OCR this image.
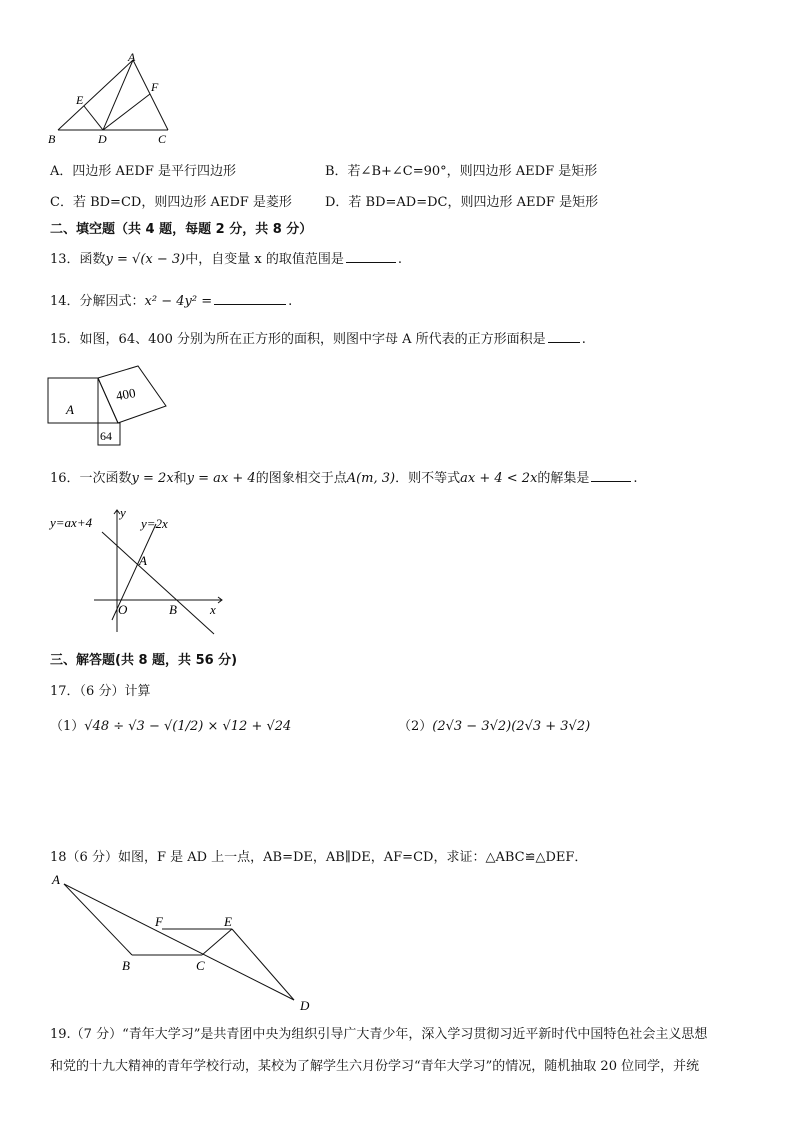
A
B	C
D
E
F
A．四边形 AEDF 是平行四边形	B．若∠B+∠C=90°，则四边形 AEDF 是矩形
C．若 BD=CD，则四边形 AEDF 是菱形	D．若 BD=AD=DC，则四边形 AEDF 是矩形
二、填空题（共 4 题，每题 2 分，共 8 分）
13．函数y = √(x − 3)中，自变量 x 的取值范围是	.
14．分解因式：x² − 4y² =	.
15．如图，64、400 分别为所在正方形的面积，则图中字母 A 所代表的正方形面积是	.
A
400
64
16．一次函数y = 2x和y = ax + 4的图象相交于点A(m, 3)．则不等式ax + 4 < 2x的解集是	.
y=ax+4	y=2x
y
x
O
A
B
三、解答题(共 8 题，共 56 分)
17．（6 分）计算
（1）√48 ÷ √3 − √(1/2) × √12 + √24	（2）(2√3 − 3√2)(2√3 + 3√2)
18（6 分）如图，F 是 AD 上一点，AB=DE，AB∥DE，AF=CD，求证：△ABC≌△DEF．
A
B	C
D
E
F
19.（7 分）“青年大学习”是共青团中央为组织引导广大青少年，深入学习贯彻习近平新时代中国特色社会主义思想
和党的十九大精神的青年学校行动，某校为了解学生六月份学习“青年大学习”的情况，随机抽取 20 位同学，并统
